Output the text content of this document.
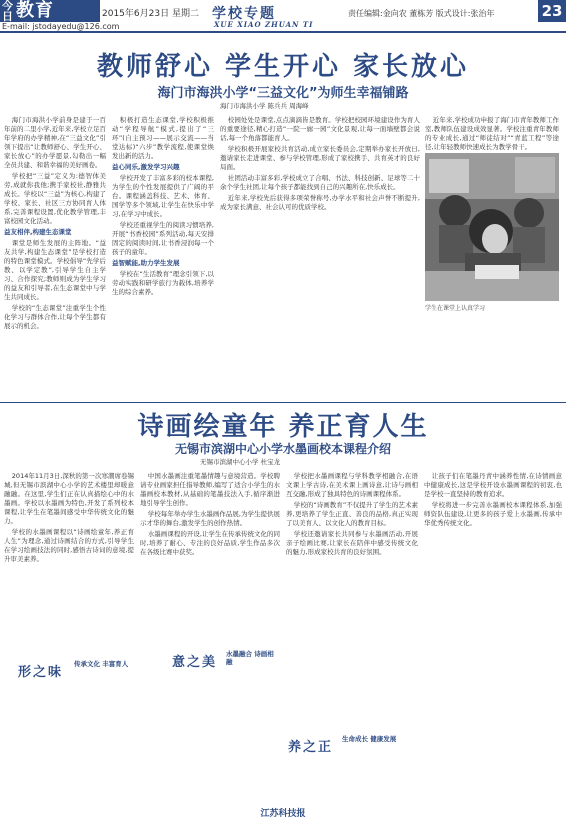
今日 教育	2015年6月23日 星期二
E-mail: jstodayedu@126.com
学校专题
XUE XIAO ZHUAN TI
责任编辑:金向农 董栋芳 版式设计:张治年	23
教师舒心 学生开心 家长放心
海门市海洪小学“三益文化”为师生幸福铺路
海门市海洪小学 陈兵兵 周海峰

海门市海洪小学前身是建于一百年前的二里小学,近年来,学校立足百年学府的办学精神,在“三益文化”引领下提出“让教师舒心、学生开心、家长放心”的办学愿景,勾勒出一幅全员共建、和谐幸福的美好画卷。

学校把“三益”定义为:德智体美劳,成就你我他;携手家校社,静雅共成长。学校以“三益”为核心,构建了学校、家长、社区三方协同育人体系,完善课程设置,优化教学管理,丰富校园文化活动。

益友相伴,构建生态课堂

课堂是师生发展的主阵地。“益友共学,构建生态课堂”是学校打造的特色课堂模式。学校倡导“先学后教、以学定教”,引导学生自主学习、合作探究;教师则成为学生学习的益友和引导者,在生态课堂中与学生共同成长。

学校的“生态课堂”注重学生个性化学习与群体合作,让每个学生都有展示的机会。

积极打造生态课堂,学校积极推动“学程导航”模式,提出了“三环”(自主预习——展示交流——当堂达标)“六步”教学流程,使课堂焕发出新的活力。

益心同乐,激发学习兴趣

学校开发了丰富多彩的校本课程,为学生的个性发展提供了广阔的平台。课程涵盖科技、艺术、体育、国学等多个领域,让学生在快乐中学习,在学习中成长。

学校还重视学生的阅读习惯培养,开展“书香校园”系列活动,每天安排固定的阅读时间,让书香浸润每一个孩子的童年。

益智赋能,助力学生发展

学校在“生活教育”理念引领下,以劳动实践和研学旅行为载体,培养学生的综合素养。

校园处处是课堂,点点滴滴皆是教育。学校把校园环境建设作为育人的重要途径,精心打造“一院一廊一园”文化景观,让每一面墙壁都会说话,每一个角落都能育人。

学校积极开展家校共育活动,成立家长委员会,定期举办家长开放日,邀请家长走进课堂、参与学校管理,形成了家校携手、共育英才的良好局面。

社团活动丰富多彩,学校成立了合唱、书法、科技创新、足球等二十余个学生社团,让每个孩子都能找到自己的兴趣所在,快乐成长。

近年来,学校先后获得多项荣誉称号,办学水平和社会声誉不断提升,成为家长满意、社会认可的优质学校。

近年来,学校成功申报了海门市青年教师工作室,教师队伍建设成效显著。学校注重青年教师的专业成长,通过“师徒结对”“青蓝工程”等途径,让年轻教师快速成长为教学骨干。

学生在课堂上认真学习
诗画绘童年 养正育人生
无锡市滨湖中心小学水墨画校本课程介绍
无锡市滨湖中心小学 杜宝龙

2014年11月3日,深秋的第一次寒潮席卷锡城,但无锡市滨湖中心小学的艺术楼里却暖意融融。在这里,学生们正在认真描绘心中的水墨画。学校以水墨画为特色,开发了系列校本课程,让学生在笔墨间感受中华传统文化的魅力。

学校的水墨画课程以“诗画绘童年,养正育人生”为理念,通过诗画结合的方式,引导学生在学习绘画技法的同时,感悟古诗词的意境,提升审美素养。

形之味
传承文化 丰富育人

中国水墨画注重笔墨情趣与意境营造。学校聘请专业画家担任指导教师,编写了适合小学生的水墨画校本教材,从基础的笔墨技法入手,循序渐进地引导学生创作。

学校每年举办学生水墨画作品展,为学生提供展示才华的舞台,激发学生的创作热情。

水墨画课程的开设,让学生在传承传统文化的同时,培养了耐心、专注的良好品质,学生作品多次在各级比赛中获奖。

意之美
水墨融合 诗画相融

学校把水墨画课程与学科教学相融合,在语文课上学古诗,在美术课上画诗意,让诗与画相互交融,形成了独具特色的诗画课程体系。

学校的“诗画教育”不仅提升了学生的艺术素养,更培养了学生正直、善良的品格,真正实现了以美育人、以文化人的教育目标。

学校还邀请家长共同参与水墨画活动,开展亲子绘画比赛,让家长在陪伴中感受传统文化的魅力,形成家校共育的良好氛围。

养之正
生命成长 健康发展

让孩子们在笔墨丹青中涵养性情,在诗情画意中健康成长,这是学校开设水墨画课程的初衷,也是学校一直坚持的教育追求。

学校将进一步完善水墨画校本课程体系,加强师资队伍建设,让更多的孩子爱上水墨画,传承中华优秀传统文化。

江苏科技报
